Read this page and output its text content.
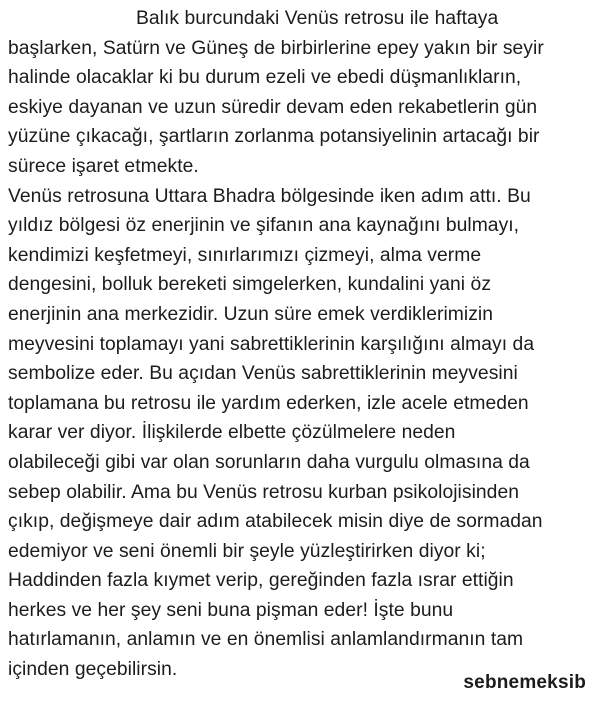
Balık burcundaki Venüs retrosu ile haftaya
başlarken, Satürn ve Güneş de birbirlerine epey yakın bir seyir
halinde olacaklar ki bu durum ezeli ve ebedi düşmanlıkların,
eskiye dayanan ve uzun süredir devam eden rekabetlerin gün
yüzüne çıkacağı, şartların zorlanma potansiyelinin artacağı bir
sürece işaret etmekte.
Venüs retrosuna Uttara Bhadra bölgesinde iken adım attı. Bu
yıldız bölgesi öz enerjinin ve şifanın ana kaynağını bulmayı,
kendimizi keşfetmeyi, sınırlarımızı çizmeyi, alma verme
dengesini, bolluk bereketi simgelerken, kundalini yani öz
enerjinin ana merkezidir. Uzun süre emek verdiklerimizin
meyvesini toplamayı yani sabrettiklerinin karşılığını almayı da
sembolize eder. Bu açıdan Venüs sabrettiklerinin meyvesini
toplamana bu retrosu ile yardım ederken, izle acele etmeden
karar ver diyor. İlişkilerde elbette çözülmelere neden
olabileceği gibi var olan sorunların daha vurgulu olmasına da
sebep olabilir. Ama bu Venüs retrosu kurban psikolojisinden
çıkıp, değişmeye dair adım atabilecek misin diye de sormadan
edemiyor ve seni önemli bir şeyle yüzleştirirken diyor ki;
Haddinden fazla kıymet verip, gereğinden fazla ısrar ettiğin
herkes ve her şey seni buna pişman eder! İşte bunu
hatırlamanın, anlamın ve en önemlisi anlamlandırmanın tam
içinden geçebilirsin.
sebnemeksib
